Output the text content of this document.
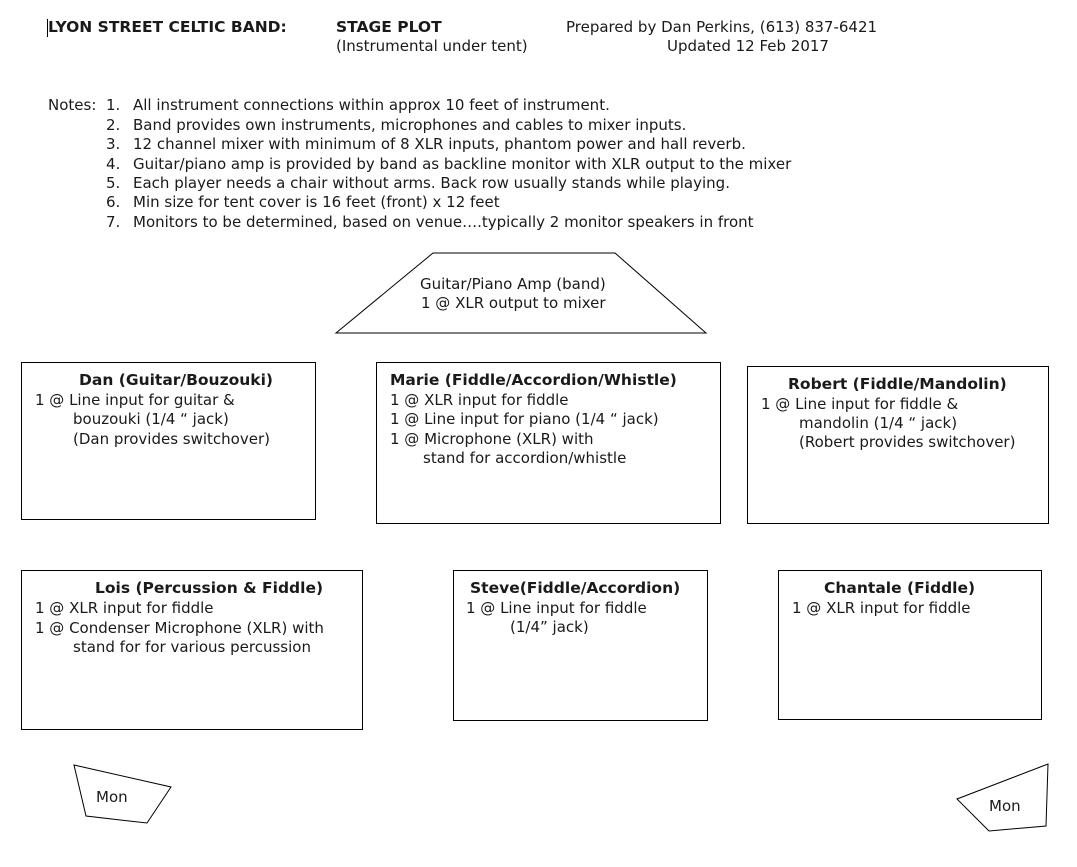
LYON STREET CELTIC BAND:	STAGE PLOT
(Instrumental under tent)
Prepared by Dan Perkins, (613) 837-6421
Updated 12 Feb 2017
Notes: 1. All instrument connections within approx 10 feet of instrument.
2. Band provides own instruments, microphones and cables to mixer inputs.
3. 12 channel mixer with minimum of 8 XLR inputs, phantom power and hall reverb.
4. Guitar/piano amp is provided by band as backline monitor with XLR output to the mixer
5. Each player needs a chair without arms. Back row usually stands while playing.
6. Min size for tent cover is 16 feet (front) x 12 feet
7. Monitors to be determined, based on venue….typically 2 monitor speakers in front
Guitar/Piano Amp (band)
1 @ XLR output to mixer
Dan (Guitar/Bouzouki)
1 @ Line input for guitar &
bouzouki (1/4 “ jack)
(Dan provides switchover)
Marie (Fiddle/Accordion/Whistle)
1 @ XLR input for fiddle
1 @ Line input for piano (1/4 “ jack)
1 @ Microphone (XLR) with
stand for accordion/whistle
Robert (Fiddle/Mandolin)
1 @ Line input for fiddle &
mandolin (1/4 “ jack)
(Robert provides switchover)
Lois (Percussion & Fiddle)
1 @ XLR input for fiddle
1 @ Condenser Microphone (XLR) with
stand for for various percussion
Steve(Fiddle/Accordion)
1 @ Line input for fiddle
(1/4” jack)
Chantale (Fiddle)
1 @ XLR input for fiddle
Mon	Mon
